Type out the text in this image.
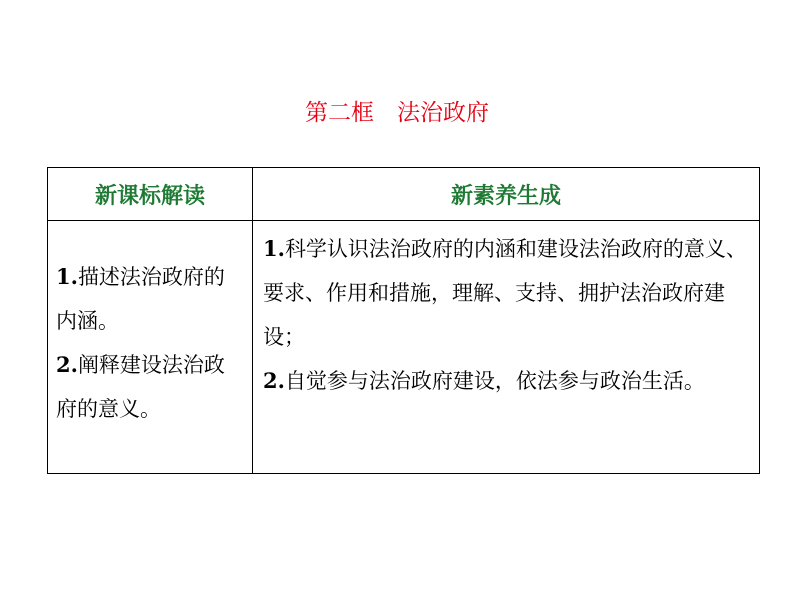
第二框　法治政府
新课标解读	新素养生成
1.描述法治政府的内涵。
2.阐释建设法治政府的意义。
1.科学认识法治政府的内涵和建设法治政府的意义、要求、作用和措施，理解、支持、拥护法治政府建设；
2.自觉参与法治政府建设，依法参与政治生活。
